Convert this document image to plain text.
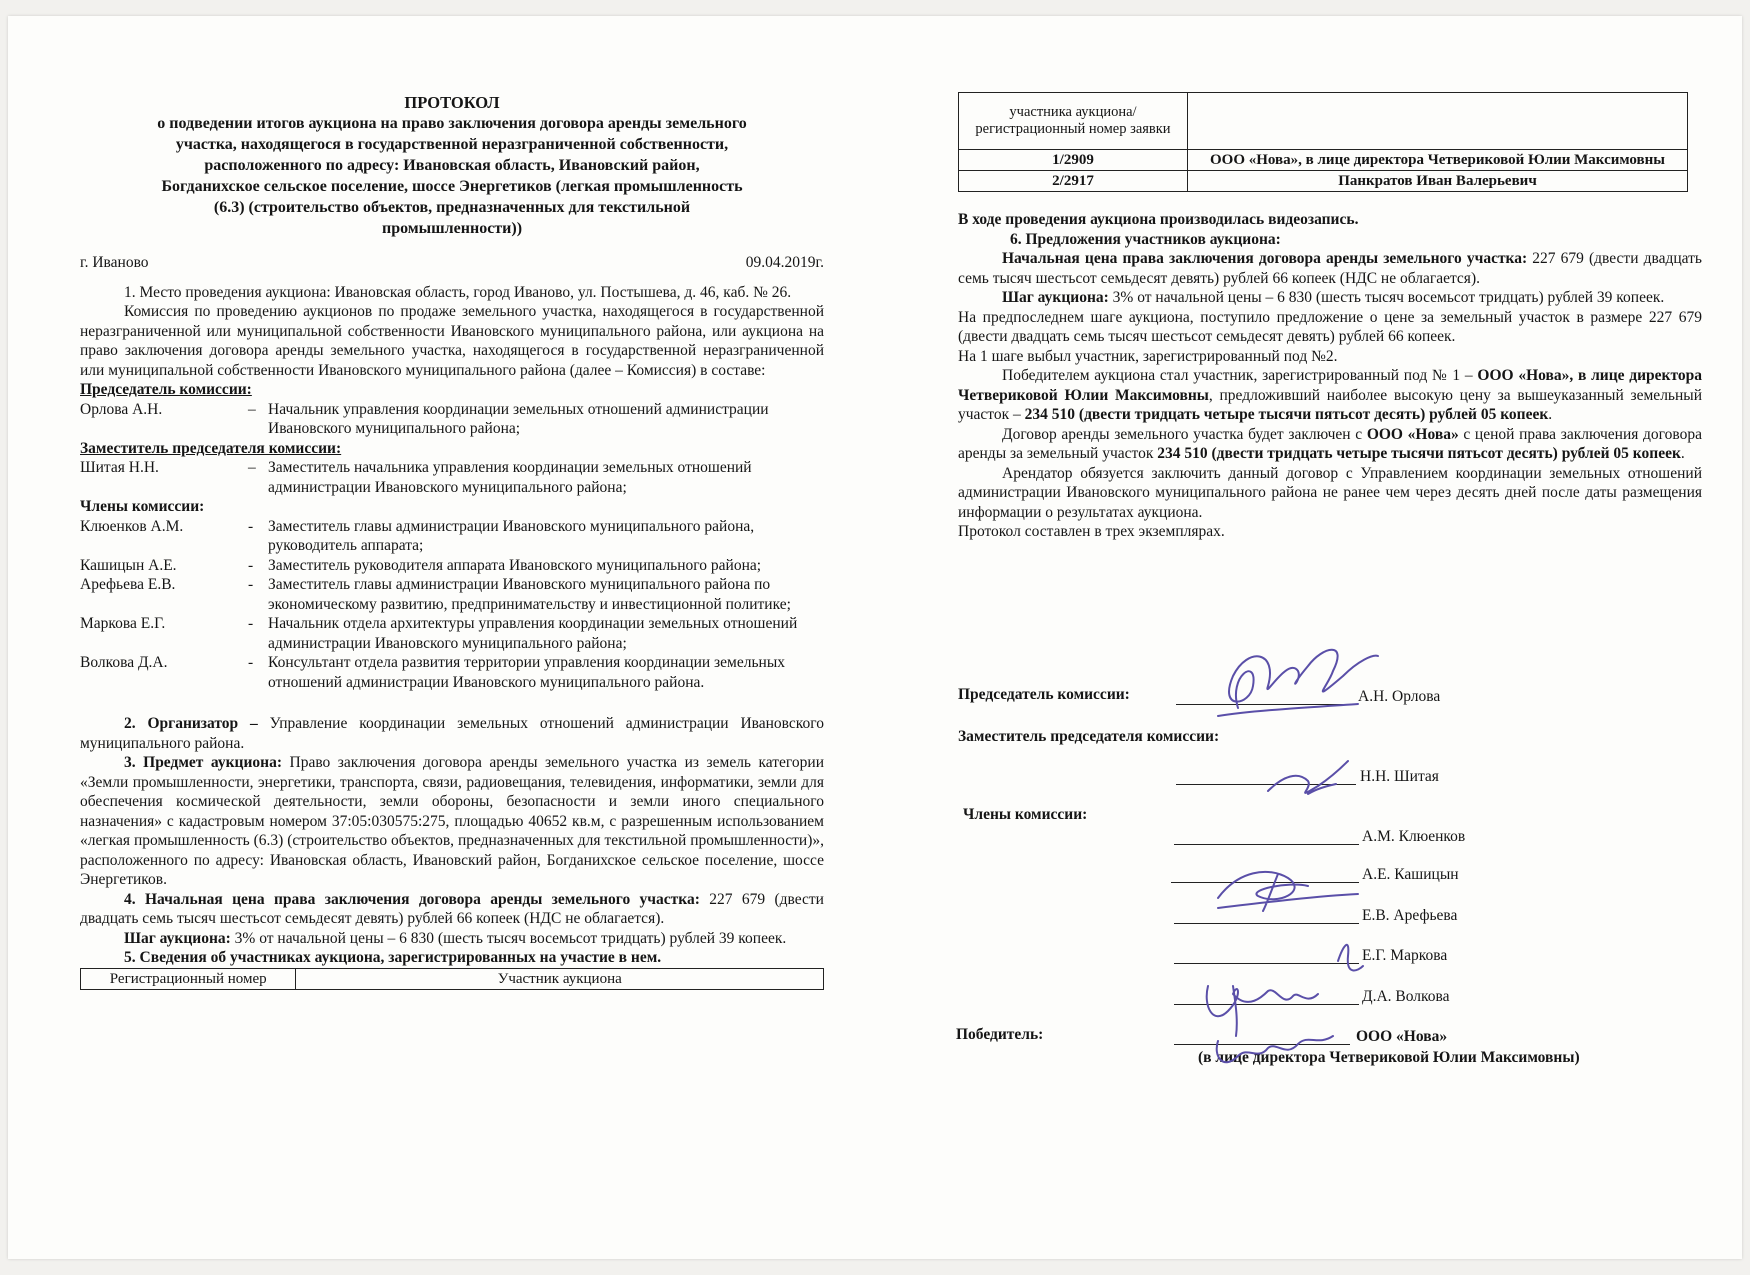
ПРОТОКОЛ
о подведении итогов аукциона на право заключения договора аренды земельного
участка, находящегося в государственной неразграниченной собственности,
расположенного по адресу: Ивановская область, Ивановский район,
Богданихское сельское поселение, шоссе Энергетиков (легкая промышленность
(6.3) (строительство объектов, предназначенных для текстильной
промышленности))
г. Иваново	09.04.2019г.

1. Место проведения аукциона: Ивановская область, город Иваново, ул. Постышева, д. 46, каб. № 26.

Комиссия по проведению аукционов по продаже земельного участка, находящегося в государственной неразграниченной или муниципальной собственности Ивановского муниципального района, или аукциона на право заключения договора аренды земельного участка, находящегося в государственной неразграниченной или муниципальной собственности Ивановского муниципального района (далее – Комиссия) в составе:

Председатель комиссии:
Орлова А.Н.	– Начальник управления координации земельных отношений администрации Ивановского муниципального района;
Заместитель председателя комиссии:
Шитая Н.Н.	– Заместитель начальника управления координации земельных отношений администрации Ивановского муниципального района;
Члены комиссии:
Клюенков А.М.	- Заместитель главы администрации Ивановского муниципального района, руководитель аппарата;
Кашицын А.Е.	- Заместитель руководителя аппарата Ивановского муниципального района;
Арефьева Е.В.	- Заместитель главы администрации Ивановского муниципального района по экономическому развитию, предпринимательству и инвестиционной политике;
Маркова Е.Г.	- Начальник отдела архитектуры управления координации земельных отношений администрации Ивановского муниципального района;
Волкова Д.А.	- Консультант отдела развития территории управления координации земельных отношений администрации Ивановского муниципального района.

2. Организатор – Управление координации земельных отношений администрации Ивановского муниципального района.

3. Предмет аукциона: Право заключения договора аренды земельного участка из земель категории «Земли промышленности, энергетики, транспорта, связи, радиовещания, телевидения, информатики, земли для обеспечения космической деятельности, земли обороны, безопасности и земли иного специального назначения» с кадастровым номером 37:05:030575:275, площадью 40652 кв.м, с разрешенным использованием «легкая промышленность (6.3) (строительство объектов, предназначенных для текстильной промышленности)», расположенного по адресу: Ивановская область, Ивановский район, Богданихское сельское поселение, шоссе Энергетиков.

4. Начальная цена права заключения договора аренды земельного участка: 227 679 (двести двадцать семь тысяч шестьсот семьдесят девять) рублей 66 копеек (НДС не облагается).

Шаг аукциона: 3% от начальной цены – 6 830 (шесть тысяч восемьсот тридцать) рублей 39 копеек.

5. Сведения об участниках аукциона, зарегистрированных на участие в нем.
Регистрационный номер	Участник аукциона
участника аукциона/ регистрационный номер заявки	
1/2909	ООО «Нова», в лице директора Четвериковой Юлии Максимовны
2/2917	Панкратов Иван Валерьевич
В ходе проведения аукциона производилась видеозапись.
6. Предложения участников аукциона:

Начальная цена права заключения договора аренды земельного участка: 227 679 (двести двадцать семь тысяч шестьсот семьдесят девять) рублей 66 копеек (НДС не облагается).

Шаг аукциона: 3% от начальной цены – 6 830 (шесть тысяч восемьсот тридцать) рублей 39 копеек.

На предпоследнем шаге аукциона, поступило предложение о цене за земельный участок в размере 227 679 (двести двадцать семь тысяч шестьсот семьдесят девять) рублей 66 копеек.

На 1 шаге выбыл участник, зарегистрированный под №2.

Победителем аукциона стал участник, зарегистрированный под № 1 – ООО «Нова», в лице директора Четвериковой Юлии Максимовны, предложивший наиболее высокую цену за вышеуказанный земельный участок – 234 510 (двести тридцать четыре тысячи пятьсот десять) рублей 05 копеек.

Договор аренды земельного участка будет заключен с ООО «Нова» с ценой права заключения договора аренды за земельный участок 234 510 (двести тридцать четыре тысячи пятьсот десять) рублей 05 копеек.

Арендатор обязуется заключить данный договор с Управлением координации земельных отношений администрации Ивановского муниципального района не ранее чем через десять дней после даты размещения информации о результатах аукциона.

Протокол составлен в трех экземплярах.

Председатель комиссии:	А.Н. Орлова
Заместитель председателя комиссии:
Н.Н. Шитая
Члены комиссии:
А.М. Клюенков
А.Е. Кашицын
Е.В. Арефьева
Е.Г. Маркова
Д.А. Волкова
Победитель:	ООО «Нова»
(в лице директора Четвериковой Юлии Максимовны)
